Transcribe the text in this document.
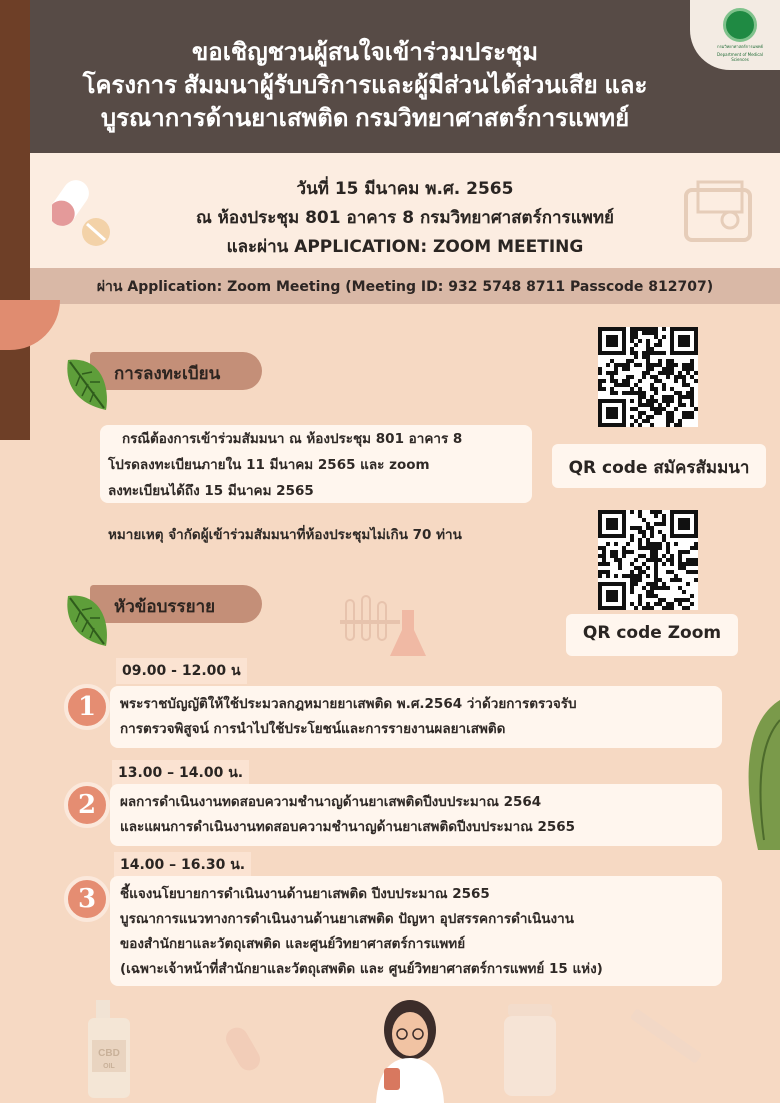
กรมวิทยาศาสตร์การแพทย์
Department of Medical Sciences
ขอเชิญชวนผู้สนใจเข้าร่วมประชุม
โครงการ สัมมนาผู้รับบริการและผู้มีส่วนได้ส่วนเสีย และ
บูรณาการด้านยาเสพติด กรมวิทยาศาสตร์การแพทย์
วันที่ 15 มีนาคม พ.ศ. 2565
ณ ห้องประชุม 801 อาคาร 8 กรมวิทยาศาสตร์การแพทย์
และผ่าน APPLICATION: ZOOM MEETING
ผ่าน Application: Zoom Meeting (Meeting ID: 932 5748 8711 Passcode 812707)
การลงทะเบียน
กรณีต้องการเข้าร่วมสัมมนา ณ ห้องประชุม 801 อาคาร 8
โปรดลงทะเบียนภายใน 11 มีนาคม 2565 และ zoom
ลงทะเบียนได้ถึง 15 มีนาคม 2565
หมายเหตุ จำกัดผู้เข้าร่วมสัมมนาที่ห้องประชุมไม่เกิน 70 ท่าน
QR code สมัครสัมมนา
QR code Zoom
หัวข้อบรรยาย
09.00 - 12.00 น
1	พระราชบัญญัติให้ใช้ประมวลกฎหมายยาเสพติด พ.ศ.2564 ว่าด้วยการตรวจรับ
การตรวจพิสูจน์ การนำไปใช้ประโยชน์และการรายงานผลยาเสพติด
13.00 – 14.00 น.
2	ผลการดำเนินงานทดสอบความชำนาญด้านยาเสพติดปีงบประมาณ 2564
และแผนการดำเนินงานทดสอบความชำนาญด้านยาเสพติดปีงบประมาณ 2565
14.00 – 16.30 น.
3	ชี้แจงนโยบายการดำเนินงานด้านยาเสพติด ปีงบประมาณ 2565
บูรณาการแนวทางการดำเนินงานด้านยาเสพติด ปัญหา อุปสรรคการดำเนินงาน
ของสำนักยาและวัตถุเสพติด และศูนย์วิทยาศาสตร์การแพทย์
(เฉพาะเจ้าหน้าที่สำนักยาและวัตถุเสพติด และ ศูนย์วิทยาศาสตร์การแพทย์ 15 แห่ง)
CBD
OIL
